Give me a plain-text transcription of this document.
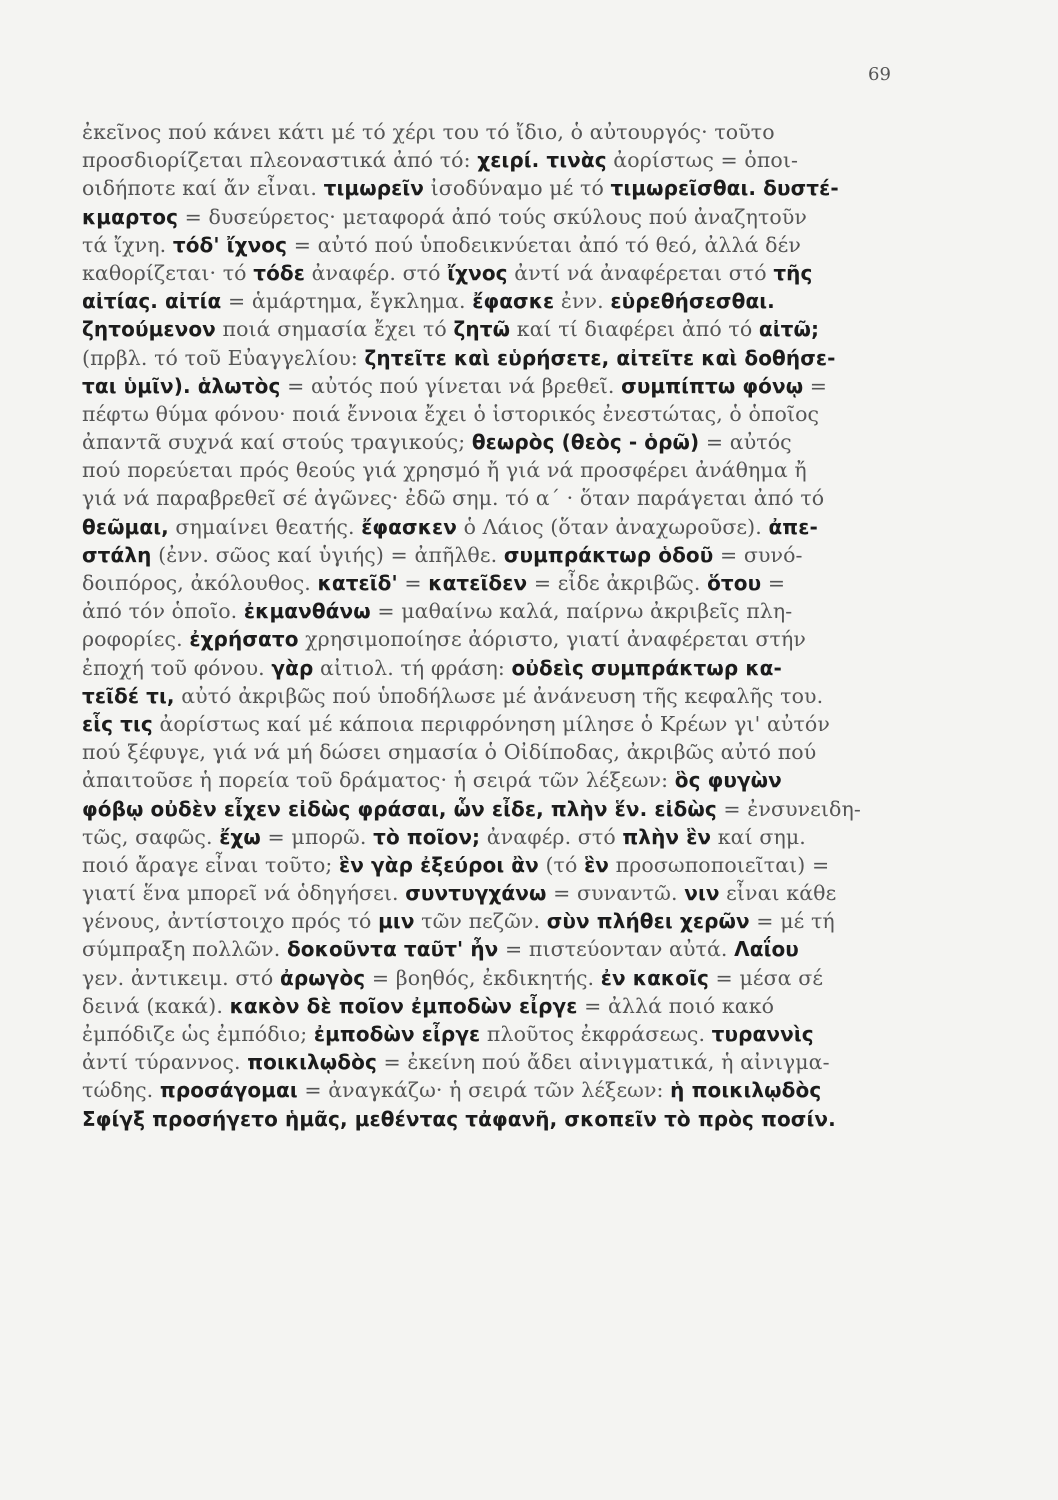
69
ἐκεῖνος πού κάνει κάτι μέ τό χέρι του τό ἴδιο, ὁ αὐτουργός· τοῦτο
προσδιορίζεται πλεοναστικά ἀπό τό: χειρί. τινὰς ἀορίστως = ὁποι-
οιδήποτε καί ἄν εἶναι. τιμωρεῖν ἰσοδύναμο μέ τό τιμωρεῖσθαι. δυστέ-
κμαρτος = δυσεύρετος· μεταφορά ἀπό τούς σκύλους πού ἀναζητοῦν
τά ἴχνη. τόδ' ἴχνος = αὐτό πού ὑποδεικνύεται ἀπό τό θεό, ἀλλά δέν
καθορίζεται· τό τόδε ἀναφέρ. στό ἴχνος ἀντί νά ἀναφέρεται στό τῆς
αἰτίας. αἰτία = ἁμάρτημα, ἔγκλημα. ἔφασκε ἐνν. εὑρεθήσεσθαι.
ζητούμενον ποιά σημασία ἔχει τό ζητῶ καί τί διαφέρει ἀπό τό αἰτῶ;
(πρβλ. τό τοῦ Εὐαγγελίου: ζητεῖτε καὶ εὑρήσετε, αἰτεῖτε καὶ δοθήσε-
ται ὑμῖν). ἁλωτὸς = αὐτός πού γίνεται νά βρεθεῖ. συμπίπτω φόνῳ =
πέφτω θύμα φόνου· ποιά ἔννοια ἔχει ὁ ἱστορικός ἐνεστώτας, ὁ ὁποῖος
ἀπαντᾶ συχνά καί στούς τραγικούς; θεωρὸς (θεὸς - ὁρῶ) = αὐτός
πού πορεύεται πρός θεούς γιά χρησμό ἤ γιά νά προσφέρει ἀνάθημα ἤ
γιά νά παραβρεθεῖ σέ ἀγῶνες· ἐδῶ σημ. τό α΄ · ὅταν παράγεται ἀπό τό
θεῶμαι, σημαίνει θεατής. ἔφασκεν ὁ Λάιος (ὅταν ἀναχωροῦσε). ἀπε-
στάλη (ἐνν. σῶος καί ὑγιής) = ἀπῆλθε. συμπράκτωρ ὁδοῦ = συνό-
δοιπόρος, ἀκόλουθος. κατεῖδ' = κατεῖδεν = εἶδε ἀκριβῶς. ὅτου =
ἀπό τόν ὁποῖο. ἐκμανθάνω = μαθαίνω καλά, παίρνω ἀκριβεῖς πλη-
ροφορίες. ἐχρήσατο χρησιμοποίησε ἀόριστο, γιατί ἀναφέρεται στήν
ἐποχή τοῦ φόνου. γὰρ αἰτιολ. τή φράση: οὐδεὶς συμπράκτωρ κα-
τεῖδέ τι, αὐτό ἀκριβῶς πού ὑποδήλωσε μέ ἀνάνευση τῆς κεφαλῆς του.
εἷς τις ἀορίστως καί μέ κάποια περιφρόνηση μίλησε ὁ Κρέων γι' αὐτόν
πού ξέφυγε, γιά νά μή δώσει σημασία ὁ Οἰδίποδας, ἀκριβῶς αὐτό πού
ἀπαιτοῦσε ἡ πορεία τοῦ δράματος· ἡ σειρά τῶν λέξεων: ὃς φυγὼν
φόβῳ οὐδὲν εἶχεν εἰδὼς φράσαι, ὧν εἶδε, πλὴν ἕν. εἰδὼς = ἐνσυνειδη-
τῶς, σαφῶς. ἔχω = μπορῶ. τὸ ποῖον; ἀναφέρ. στό πλὴν ἓν καί σημ.
ποιό ἄραγε εἶναι τοῦτο; ἓν γὰρ ἐξεύροι ἂν (τό ἓν προσωποποιεῖται) =
γιατί ἕνα μπορεῖ νά ὁδηγήσει. συντυγχάνω = συναντῶ. νιν εἶναι κάθε
γένους, ἀντίστοιχο πρός τό μιν τῶν πεζῶν. σὺν πλήθει χερῶν = μέ τή
σύμπραξη πολλῶν. δοκοῦντα ταῦτ' ἦν = πιστεύονταν αὐτά. Λαΐου
γεν. ἀντικειμ. στό ἀρωγὸς = βοηθός, ἐκδικητής. ἐν κακοῖς = μέσα σέ
δεινά (κακά). κακὸν δὲ ποῖον ἐμποδὼν εἶργε = ἀλλά ποιό κακό
ἐμπόδιζε ὡς ἐμπόδιο; ἐμποδὼν εἶργε πλοῦτος ἐκφράσεως. τυραννὶς
ἀντί τύραννος. ποικιλῳδὸς = ἐκείνη πού ἄδει αἰνιγματικά, ἡ αἰνιγμα-
τώδης. προσάγομαι = ἀναγκάζω· ἡ σειρά τῶν λέξεων: ἡ ποικιλῳδὸς
Σφίγξ προσήγετο ἡμᾶς, μεθέντας τἀφανῆ, σκοπεῖν τὸ πρὸς ποσίν.
